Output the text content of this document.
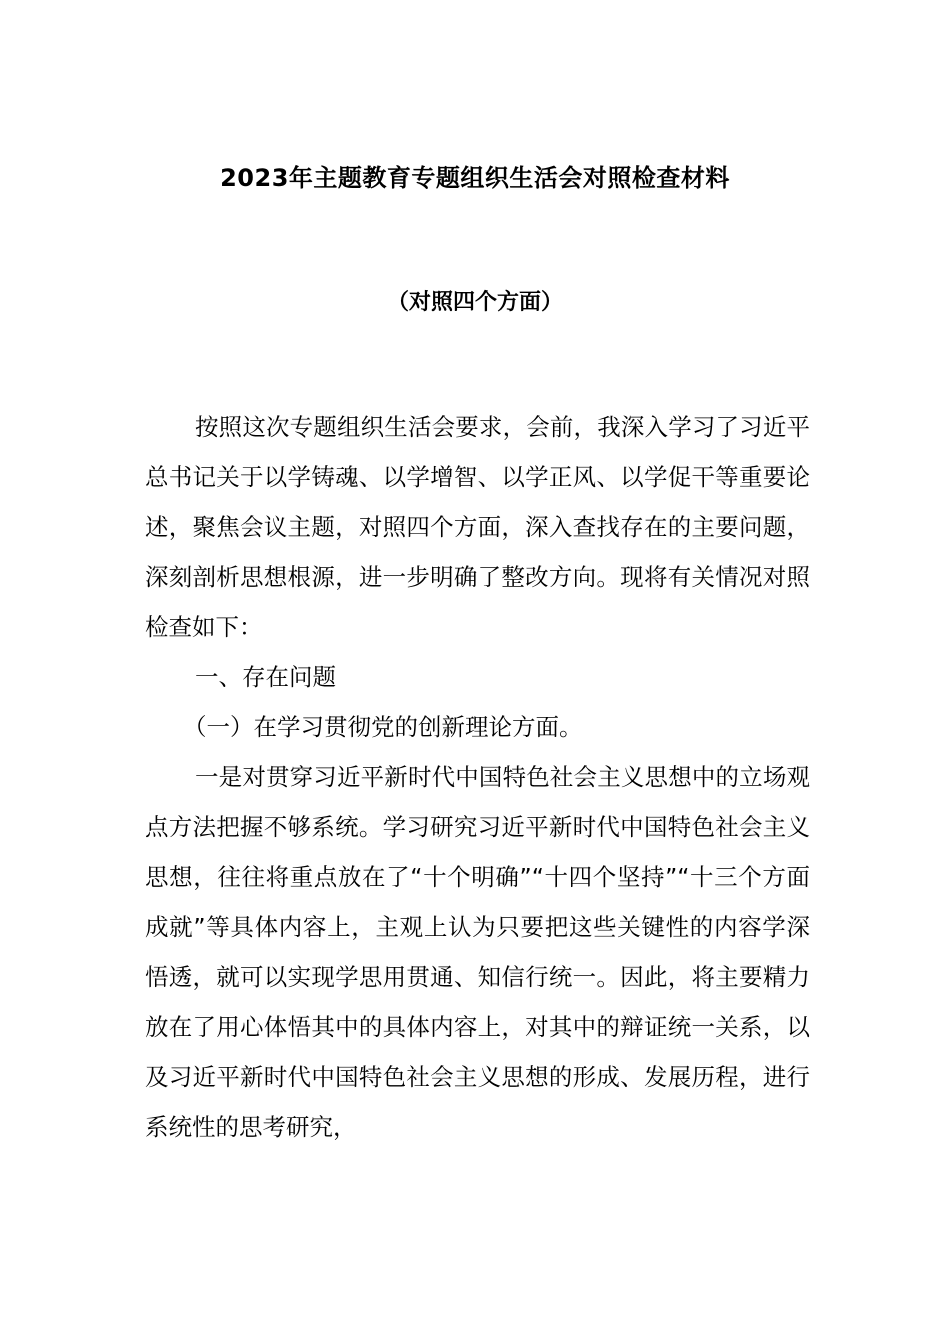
2023年主题教育专题组织生活会对照检查材料
（对照四个方面）

按照这次专题组织生活会要求，会前，我深入学习了习近平总书记关于以学铸魂、以学增智、以学正风、以学促干等重要论述，聚焦会议主题，对照四个方面，深入查找存在的主要问题，深刻剖析思想根源，进一步明确了整改方向。现将有关情况对照检查如下：

一、存在问题

（一）在学习贯彻党的创新理论方面。

一是对贯穿习近平新时代中国特色社会主义思想中的立场观点方法把握不够系统。学习研究习近平新时代中国特色社会主义思想，往往将重点放在了“十个明确”“十四个坚持”“十三个方面成就”等具体内容上，主观上认为只要把这些关键性的内容学深悟透，就可以实现学思用贯通、知信行统一。因此，将主要精力放在了用心体悟其中的具体内容上，对其中的辩证统一关系，以及习近平新时代中国特色社会主义思想的形成、发展历程，进行系统性的思考研究，
